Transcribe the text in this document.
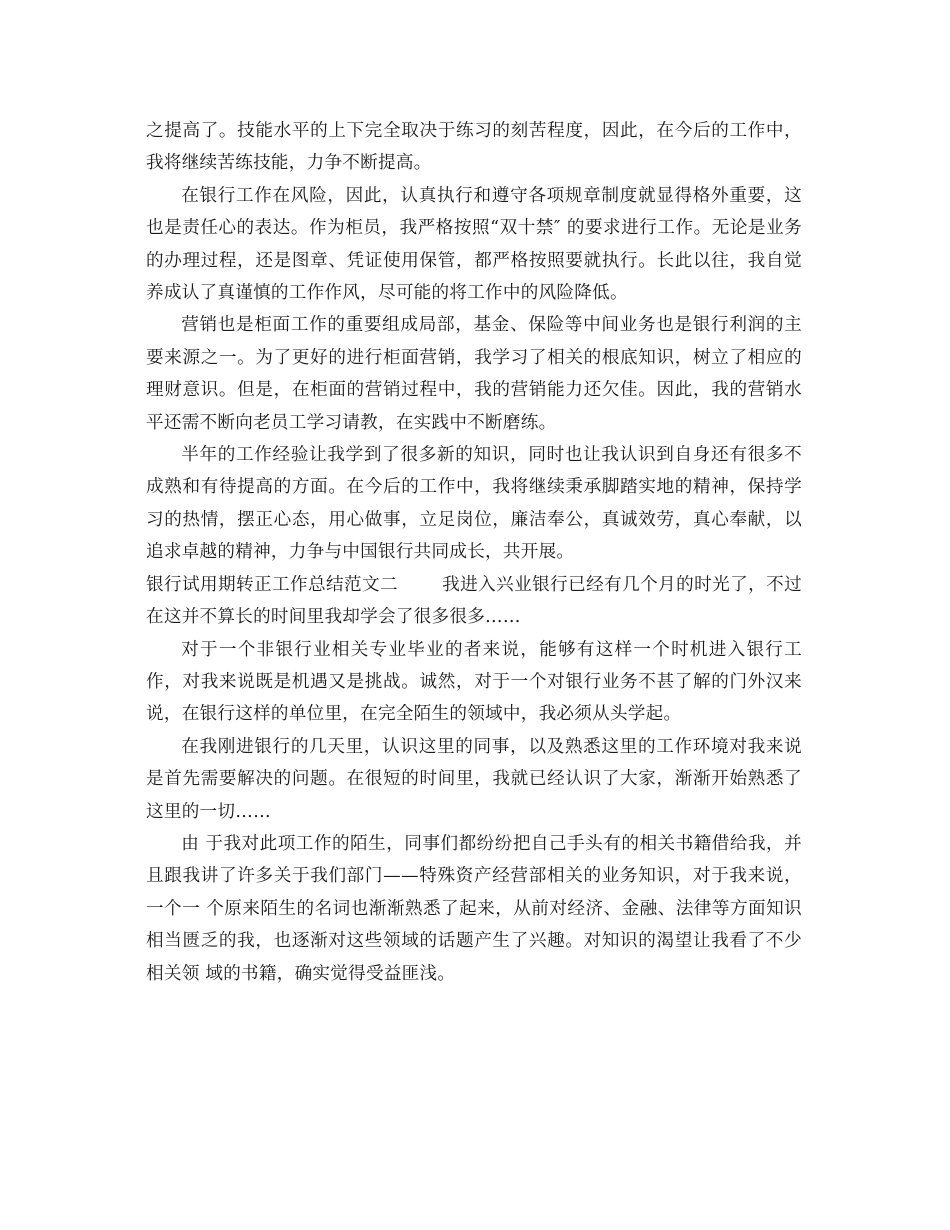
之提高了。技能水平的上下完全取决于练习的刻苦程度，因此，在今后的工作中，我将继续苦练技能，力争不断提高。

在银行工作在风险，因此，认真执行和遵守各项规章制度就显得格外重要，这也是责任心的表达。作为柜员，我严格按照“双十禁″ 的要求进行工作。无论是业务的办理过程，还是图章、凭证使用保管，都严格按照要就执行。长此以往，我自觉养成认了真谨慎的工作作风，尽可能的将工作中的风险降低。

营销也是柜面工作的重要组成局部，基金、保险等中间业务也是银行利润的主要来源之一。为了更好的进行柜面营销，我学习了相关的根底知识，树立了相应的理财意识。但是，在柜面的营销过程中，我的营销能力还欠佳。因此，我的营销水平还需不断向老员工学习请教，在实践中不断磨练。

半年的工作经验让我学到了很多新的知识，同时也让我认识到自身还有很多不成熟和有待提高的方面。在今后的工作中，我将继续秉承脚踏实地的精神，保持学习的热情，摆正心态，用心做事，立足岗位，廉洁奉公，真诚效劳，真心奉献，以追求卓越的精神，力争与中国银行共同成长，共开展。

银行试用期转正工作总结范文二	我进入兴业银行已经有几个月的时光了，不过在这并不算长的时间里我却学会了很多很多……

对于一个非银行业相关专业毕业的者来说，能够有这样一个时机进入银行工作，对我来说既是机遇又是挑战。诚然，对于一个对银行业务不甚了解的门外汉来说，在银行这样的单位里，在完全陌生的领域中，我必须从头学起。

在我刚进银行的几天里，认识这里的同事，以及熟悉这里的工作环境对我来说是首先需要解决的问题。在很短的时间里，我就已经认识了大家，渐渐开始熟悉了这里的一切……

由 于我对此项工作的陌生，同事们都纷纷把自己手头有的相关书籍借给我，并且跟我讲了许多关于我们部门——特殊资产经营部相关的业务知识，对于我来说，一个一 个原来陌生的名词也渐渐熟悉了起来，从前对经济、金融、法律等方面知识相当匮乏的我，也逐渐对这些领域的话题产生了兴趣。对知识的渴望让我看了不少相关领 域的书籍，确实觉得受益匪浅。
